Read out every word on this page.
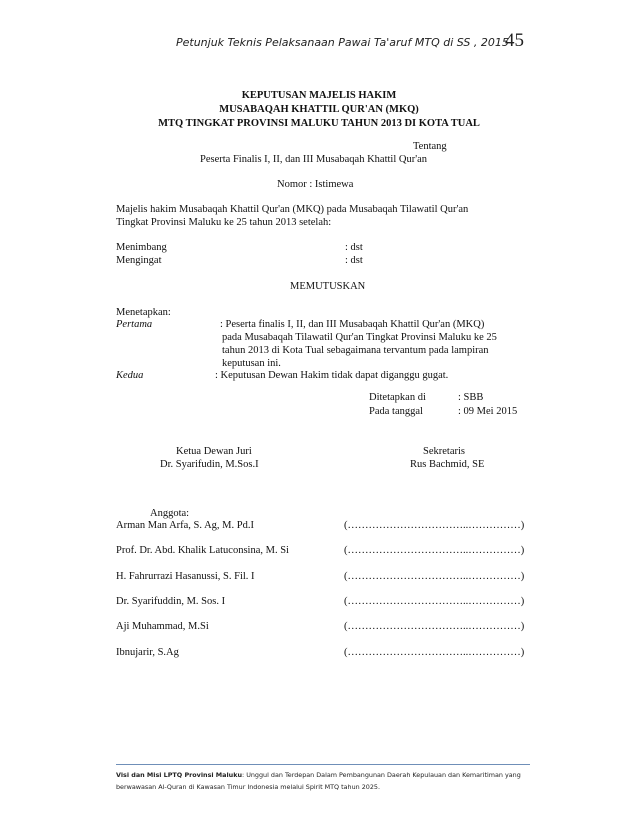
Petunjuk Teknis Pelaksanaan Pawai Ta'aruf MTQ di SS , 2015
45
KEPUTUSAN MAJELIS HAKIM
MUSABAQAH KHATTIL QUR'AN (MKQ)
MTQ TINGKAT PROVINSI MALUKU TAHUN 2013 DI KOTA TUAL
Tentang
Peserta Finalis I, II, dan III Musabaqah Khattil Qur'an
Nomor : Istimewa
Majelis hakim Musabaqah Khattil Qur'an (MKQ) pada Musabaqah Tilawatil Qur'an
Tingkat Provinsi Maluku ke 25 tahun 2013 setelah:
Menimbang	: dst
Mengingat	: dst
MEMUTUSKAN
Menetapkan:
Pertama	: Peserta finalis I, II, dan III Musabaqah Khattil Qur'an (MKQ)
pada Musabaqah Tilawatil Qur'an Tingkat Provinsi Maluku ke 25
tahun 2013 di Kota Tual sebagaimana tervantum pada lampiran
keputusan ini.
Kedua	: Keputusan Dewan Hakim tidak dapat diganggu gugat.
Ditetapkan di	: SBB
Pada tanggal	: 09 Mei 2015
Ketua Dewan Juri
Dr. Syarifudin, M.Sos.I
Sekretaris
Rus Bachmid, SE
Anggota:
Arman Man Arfa, S. Ag, M. Pd.I	(……………………………..……………)
Prof. Dr. Abd. Khalik Latuconsina, M. Si	(……………………………..……………)
H. Fahrurrazi Hasanussi, S. Fil. I	(……………………………..……………)
Dr. Syarifuddin, M. Sos. I	(……………………………..……………)
Aji Muhammad, M.Si	(……………………………..……………)
Ibnujarir, S.Ag	(……………………………..……………)
Visi dan Misi LPTQ Provinsi Maluku: Unggul dan Terdepan Dalam Pembangunan Daerah Kepulauan dan Kemaritiman yang
berwawasan Al-Quran di Kawasan Timur Indonesia melalui Spirit MTQ tahun 2025.
